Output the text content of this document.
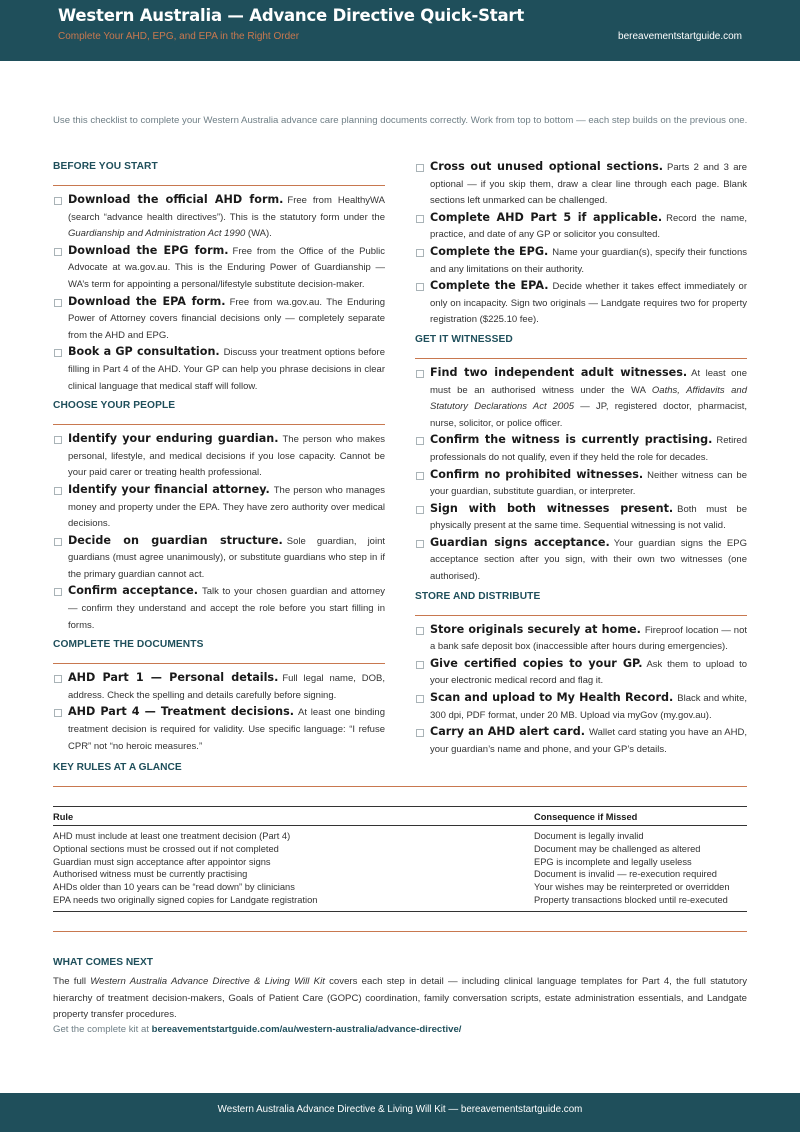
Western Australia — Advance Directive Quick-Start
Complete Your AHD, EPG, and EPA in the Right Order	bereavementstartguide.com
Use this checklist to complete your Western Australia advance care planning documents correctly. Work from top to bottom — each step builds on the previous one.
BEFORE YOU START
Download the official AHD form. Free from HealthyWA (search “advance health directives”). This is the statutory form under the Guardianship and Administration Act 1990 (WA).
Download the EPG form. Free from the Office of the Public Advocate at wa.gov.au. This is the Enduring Power of Guardianship — WA’s term for appointing a personal/lifestyle substitute decision-maker.
Download the EPA form. Free from wa.gov.au. The Enduring Power of Attorney covers financial decisions only — completely separate from the AHD and EPG.
Book a GP consultation. Discuss your treatment options before filling in Part 4 of the AHD. Your GP can help you phrase decisions in clear clinical language that medical staff will follow.
CHOOSE YOUR PEOPLE
Identify your enduring guardian. The person who makes personal, lifestyle, and medical decisions if you lose capacity. Cannot be your paid carer or treating health professional.
Identify your financial attorney. The person who manages money and property under the EPA. They have zero authority over medical decisions.
Decide on guardian structure. Sole guardian, joint guardians (must agree unanimously), or substitute guardians who step in if the primary guardian cannot act.
Confirm acceptance. Talk to your chosen guardian and attorney — confirm they understand and accept the role before you start filling in forms.
COMPLETE THE DOCUMENTS
AHD Part 1 — Personal details. Full legal name, DOB, address. Check the spelling and details carefully before signing.
AHD Part 4 — Treatment decisions. At least one binding treatment decision is required for validity. Use specific language: “I refuse CPR” not “no heroic measures.”
Cross out unused optional sections. Parts 2 and 3 are optional — if you skip them, draw a clear line through each page. Blank sections left unmarked can be challenged.
Complete AHD Part 5 if applicable. Record the name, practice, and date of any GP or solicitor you consulted.
Complete the EPG. Name your guardian(s), specify their functions and any limitations on their authority.
Complete the EPA. Decide whether it takes effect immediately or only on incapacity. Sign two originals — Landgate requires two for property registration ($225.10 fee).
GET IT WITNESSED
Find two independent adult witnesses. At least one must be an authorised witness under the WA Oaths, Affidavits and Statutory Declarations Act 2005 — JP, registered doctor, pharmacist, nurse, solicitor, or police officer.
Confirm the witness is currently practising. Retired professionals do not qualify, even if they held the role for decades.
Confirm no prohibited witnesses. Neither witness can be your guardian, substitute guardian, or interpreter.
Sign with both witnesses present. Both must be physically present at the same time. Sequential witnessing is not valid.
Guardian signs acceptance. Your guardian signs the EPG acceptance section after you sign, with their own two witnesses (one authorised).
STORE AND DISTRIBUTE
Store originals securely at home. Fireproof location — not a bank safe deposit box (inaccessible after hours during emergencies).
Give certified copies to your GP. Ask them to upload to your electronic medical record and flag it.
Scan and upload to My Health Record. Black and white, 300 dpi, PDF format, under 20 MB. Upload via myGov (my.gov.au).
Carry an AHD alert card. Wallet card stating you have an AHD, your guardian’s name and phone, and your GP’s details.
KEY RULES AT A GLANCE
Rule	Consequence if Missed
AHD must include at least one treatment decision (Part 4)	Document is legally invalid
Optional sections must be crossed out if not completed	Document may be challenged as altered
Guardian must sign acceptance after appointor signs	EPG is incomplete and legally useless
Authorised witness must be currently practising	Document is invalid — re-execution required
AHDs older than 10 years can be “read down” by clinicians	Your wishes may be reinterpreted or overridden
EPA needs two originally signed copies for Landgate registration	Property transactions blocked until re-executed
WHAT COMES NEXT
The full Western Australia Advance Directive & Living Will Kit covers each step in detail — including clinical language templates for Part 4, the full statutory hierarchy of treatment decision-makers, Goals of Patient Care (GOPC) coordination, family conversation scripts, estate administration essentials, and Landgate property transfer procedures.
Get the complete kit at bereavementstartguide.com/au/western-australia/advance-directive/
Western Australia Advance Directive & Living Will Kit — bereavementstartguide.com
